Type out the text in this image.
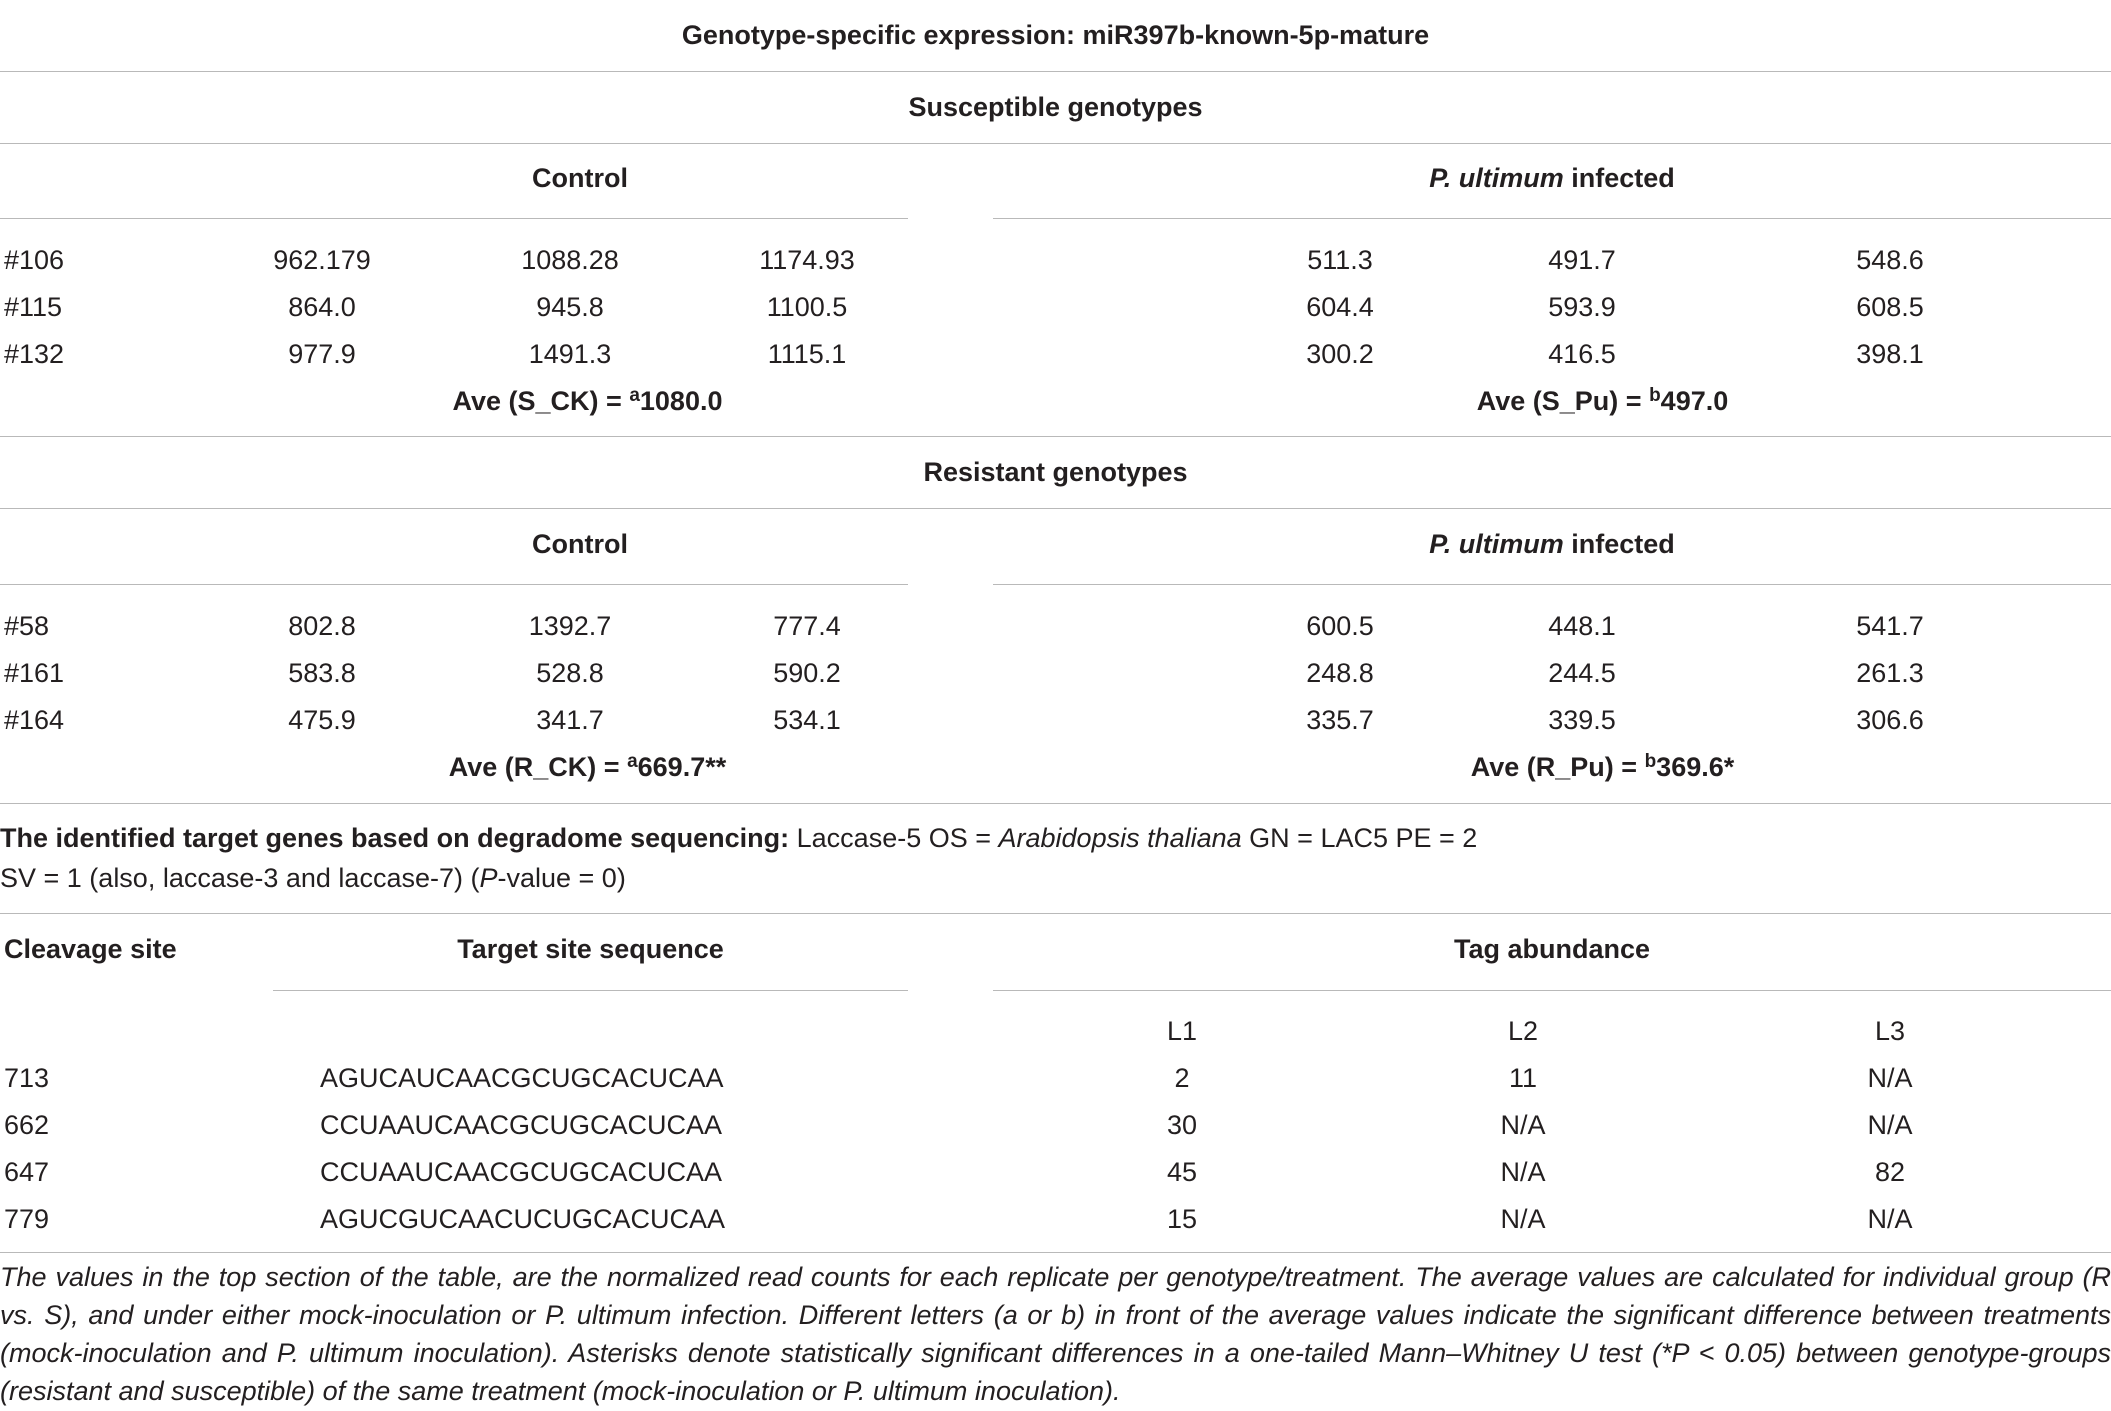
Genotype-specific expression: miR397b-known-5p-mature
Susceptible genotypes
Control	P. ultimum infected
#106	962.179	1088.28	1174.93	511.3	491.7	548.6
#115	864.0	945.8	1100.5	604.4	593.9	608.5
#132	977.9	1491.3	1115.1	300.2	416.5	398.1
Ave (S_CK) = $^a$1080.0	Ave (S_Pu) = $^b$497.0
Resistant genotypes
Control	P. ultimum infected
#58	802.8	1392.7	777.4	600.5	448.1	541.7
#161	583.8	528.8	590.2	248.8	244.5	261.3
#164	475.9	341.7	534.1	335.7	339.5	306.6
Ave (R_CK) = $^a$669.7**	Ave (R_Pu) = $^b$369.6*
The identified target genes based on degradome sequencing: Laccase-5 OS = Arabidopsis thaliana GN = LAC5 PE = 2
SV = 1 (also, laccase-3 and laccase-7) (P-value = 0)
Cleavage site	Target site sequence	Tag abundance
L1	L2	L3
713	AGUCAUCAACGCUGCACUCAA	2	11	N/A
662	CCUAAUCAACGCUGCACUCAA	30	N/A	N/A
647	CCUAAUCAACGCUGCACUCAA	45	N/A	82
779	AGUCGUCAACUCUGCACUCAA	15	N/A	N/A
The values in the top section of the table, are the normalized read counts for each replicate per genotype/treatment. The average values are calculated for individual group (R vs. S), and under either mock-inoculation or P. ultimum infection. Different letters (a or b) in front of the average values indicate the significant difference between treatments (mock-inoculation and P. ultimum inoculation). Asterisks denote statistically significant differences in a one-tailed Mann–Whitney U test (*P < 0.05) between genotype-groups (resistant and susceptible) of the same treatment (mock-inoculation or P. ultimum inoculation).
